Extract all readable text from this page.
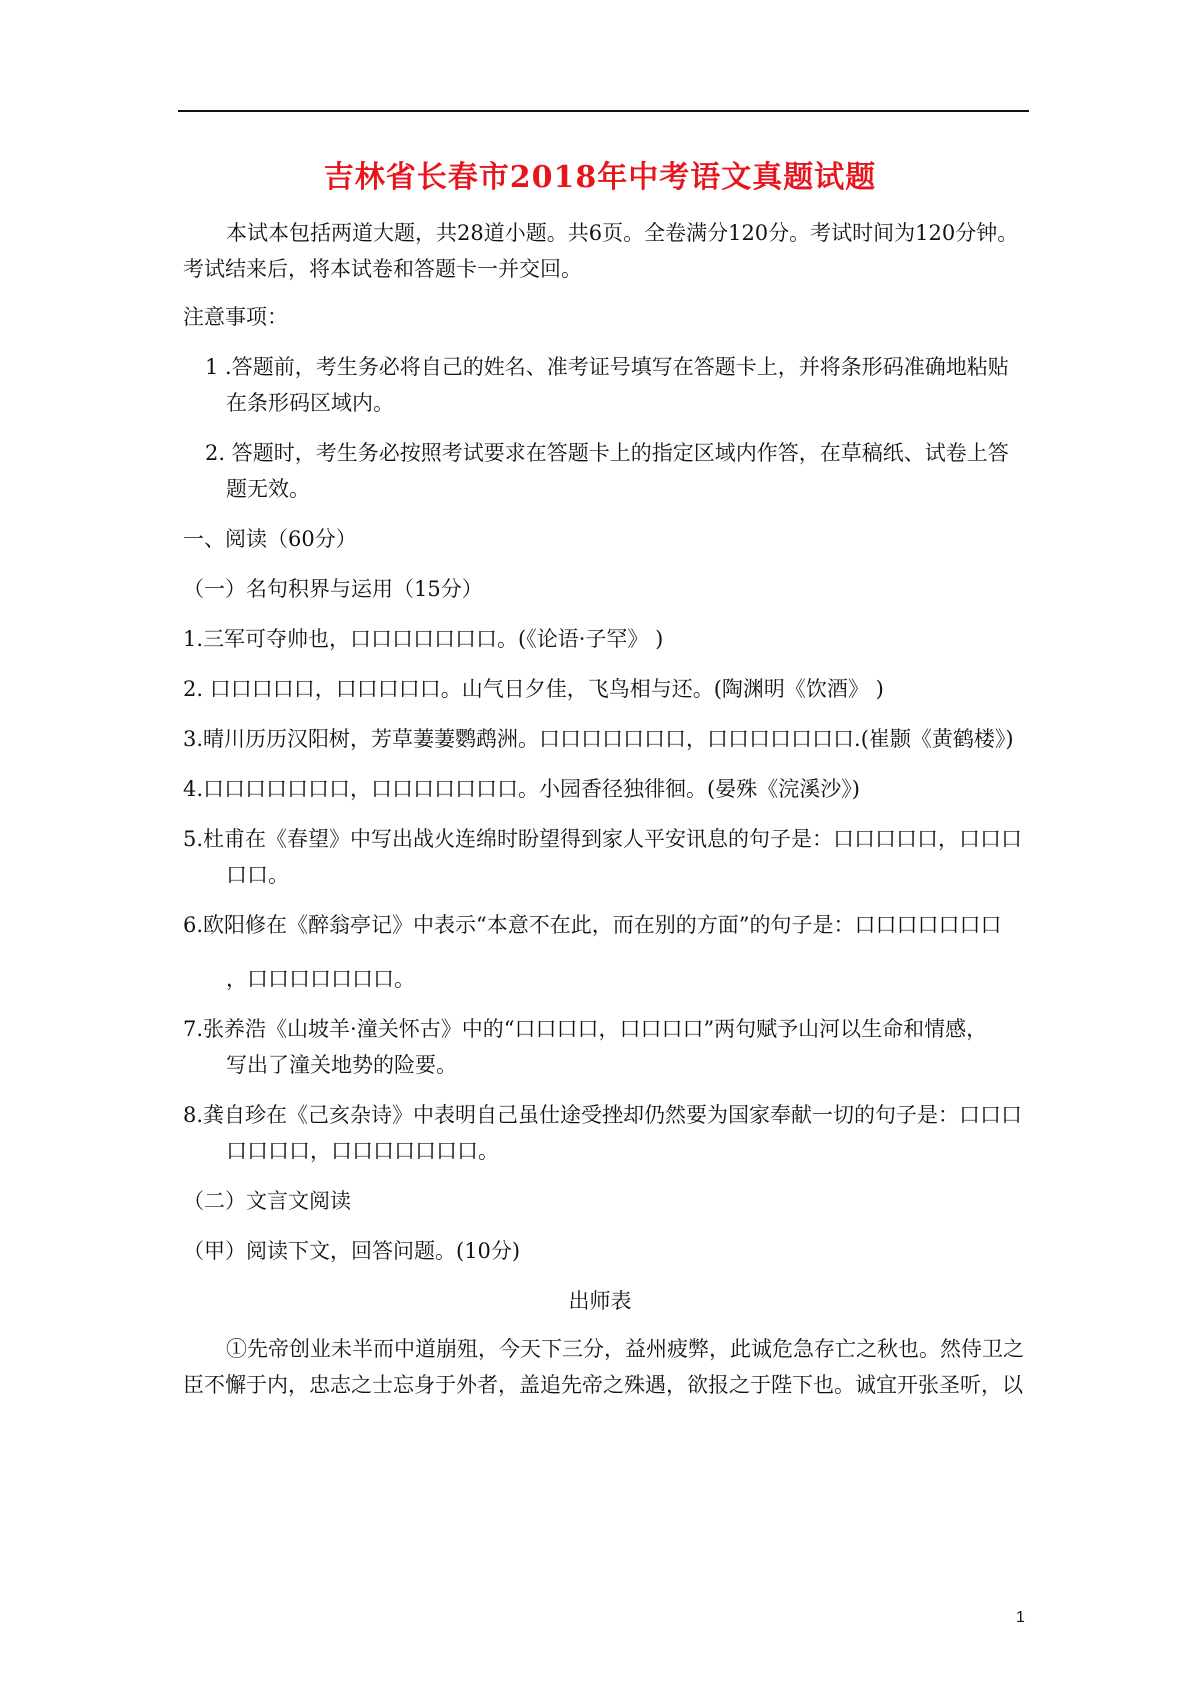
吉林省长春市2018年中考语文真题试题
本试本包括两道大题，共28道小题。共6页。全卷满分120分。考试时间为120分钟。
考试结来后，将本试卷和答题卡一并交回。
注意事项：
1 .答题前，考生务必将自己的姓名、准考证号填写在答题卡上，并将条形码准确地粘贴
在条形码区域内。
2. 答题时，考生务必按照考试要求在答题卡上的指定区域内作答，在草稿纸、试卷上答
题无效。
一、阅读（60分）
（一）名句积界与运用（15分）
1.三军可夺帅也，口口口口口口口。(《论语·子罕》 )
2. 口口口口口，口口口口口。山气日夕佳，飞鸟相与还。(陶渊明《饮酒》 )
3.晴川历历汉阳树，芳草萋萋鹦鹉洲。口口口口口口口，口口口口口口口.(崔颢《黄鹤楼》)
4.口口口口口口口，口口口口口口口。小园香径独徘徊。(晏殊《浣溪沙》)
5.杜甫在《春望》中写出战火连绵时盼望得到家人平安讯息的句子是：口口口口口，口口口
口口。
6.欧阳修在《醉翁亭记》中表示“本意不在此，而在别的方面”的句子是：口口口口口口口
，口口口口口口口。
7.张养浩《山坡羊·潼关怀古》中的“口口口口，口口口口”两句赋予山河以生命和情感，
写出了潼关地势的险要。
8.龚自珍在《己亥杂诗》中表明自己虽仕途受挫却仍然要为国家奉献一切的句子是：口口口
口口口口，口口口口口口口。
（二）文言文阅读
（甲）阅读下文，回答问题。(10分)
出师表
①先帝创业未半而中道崩殂，今天下三分，益州疲弊，此诚危急存亡之秋也。然侍卫之
臣不懈于内，忠志之士忘身于外者，盖追先帝之殊遇，欲报之于陛下也。诚宜开张圣听，以
1
